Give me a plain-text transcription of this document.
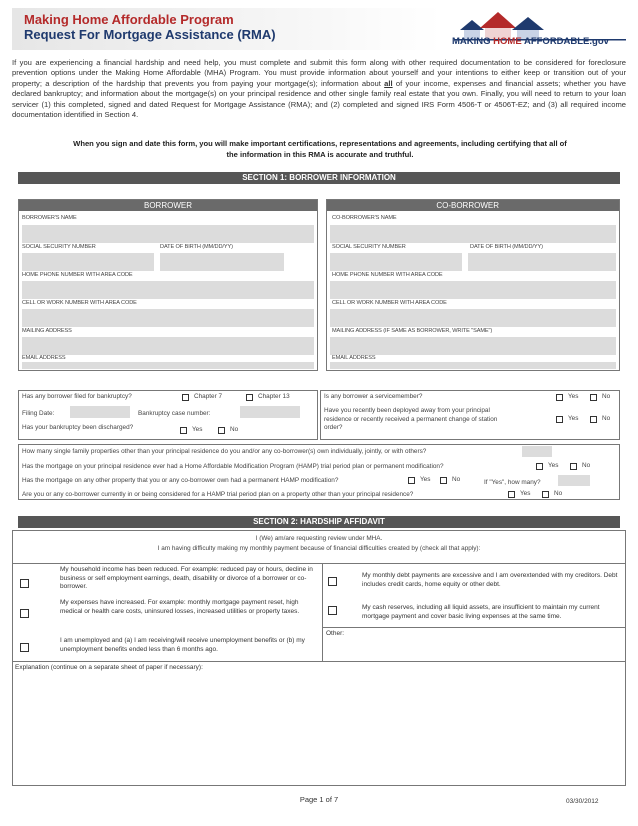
Making Home Affordable Program
Request For Mortgage Assistance (RMA)	MAKING HOME AFFORDABLE.gov
If you are experiencing a financial hardship and need help, you must complete and submit this form along with other required documentation to be considered for foreclosure prevention options under the Making Home Affordable (MHA) Program. You must provide information about yourself and your intentions to either keep or transition out of your property; a description of the hardship that prevents you from paying your mortgage(s); information about all of your income, expenses and financial assets; whether you have declared bankruptcy; and information about the mortgage(s) on your principal residence and other single family real estate that you own. Finally, you will need to return to your loan servicer (1) this completed, signed and dated Request for Mortgage Assistance (RMA); and (2) completed and signed IRS Form 4506-T or 4506T-EZ; and (3) all required income documentation identified in Section 4.
When you sign and date this form, you will make important certifications, representations and agreements, including certifying that all of
the information in this RMA is accurate and truthful.
SECTION 1: BORROWER INFORMATION
BORROWER	CO-BORROWER
BORROWER'S NAME
SOCIAL SECURITY NUMBER	DATE OF BIRTH (MM/DD/YY)
HOME PHONE NUMBER WITH AREA CODE
CELL OR WORK NUMBER WITH AREA CODE
MAILING ADDRESS
EMAIL ADDRESS
CO-BORROWER'S NAME
SOCIAL SECURITY NUMBER	DATE OF BIRTH (MM/DD/YY)
HOME PHONE NUMBER WITH AREA CODE
CELL OR WORK NUMBER WITH AREA CODE
MAILING ADDRESS (IF SAME AS BORROWER, WRITE "SAME")
EMAIL ADDRESS
Has any borrower filed for bankruptcy?	Chapter 7	Chapter 13
Filing Date:	Bankruptcy case number:
Has your bankruptcy been discharged?	Yes	No
Is any borrower a servicemember?	Yes	No
Have you recently been deployed away from your principal
residence or recently received a permanent change of station
order?
Yes	No
How many single family properties other than your principal residence do you and/or any co-borrower(s) own individually, jointly, or with others?
Has the mortgage on your principal residence ever had a Home Affordable Modification Program (HAMP) trial period plan or permanent modification?	Yes	No
Has the mortgage on any other property that you or any co-borrower own had a permanent HAMP modification?	Yes	No	If "Yes", how many?
Are you or any co-borrower currently in or being considered for a HAMP trial period plan on a property other than your principal residence?	Yes	No
SECTION 2: HARDSHIP AFFIDAVIT
I (We) am/are requesting review under MHA.
I am having difficulty making my monthly payment because of financial difficulties created by (check all that apply):
My household income has been reduced. For example: reduced pay or hours, decline in business or self employment earnings, death, disability or divorce of a borrower or co-borrower.
My expenses have increased. For example: monthly mortgage payment reset, high medical or health care costs, uninsured losses, increased utilities or property taxes.
I am unemployed and (a) I am receiving/will receive unemployment benefits or (b) my unemployment benefits ended less than 6 months ago.
My monthly debt payments are excessive and I am overextended with my creditors. Debt includes credit cards, home equity or other debt.
My cash reserves, including all liquid assets, are insufficient to maintain my current mortgage payment and cover basic living expenses at the same time.
Other:
Explanation (continue on a separate sheet of paper if necessary):
Page 1 of 7	03/30/2012
